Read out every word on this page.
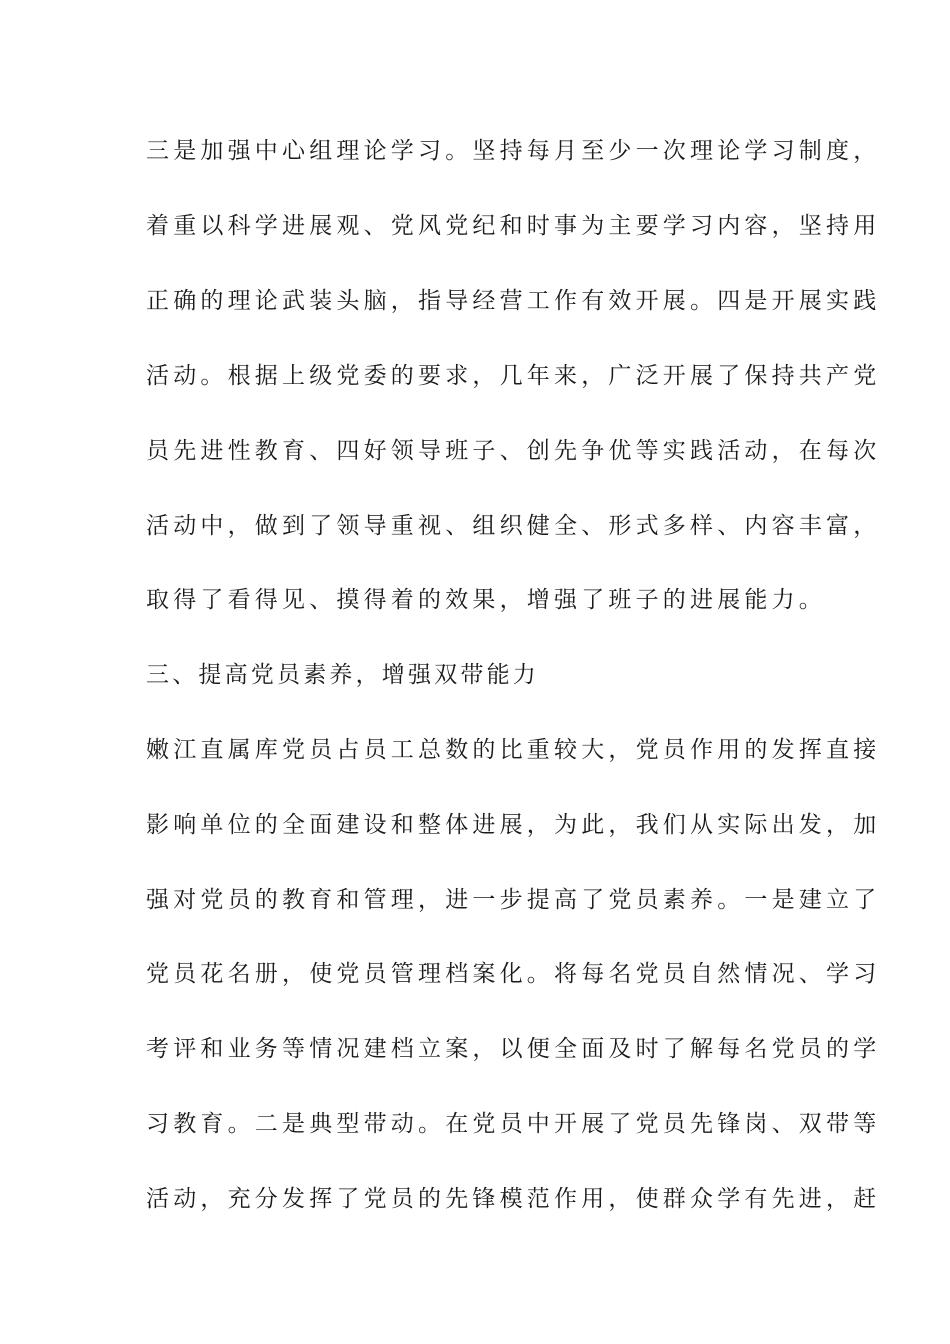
三是加强中心组理论学习。坚持每月至少一次理论学习制度，
着重以科学进展观、党风党纪和时事为主要学习内容，坚持用
正确的理论武装头脑，指导经营工作有效开展。四是开展实践
活动。根据上级党委的要求，几年来，广泛开展了保持共产党
员先进性教育、四好领导班子、创先争优等实践活动，在每次
活动中，做到了领导重视、组织健全、形式多样、内容丰富，
取得了看得见、摸得着的效果，增强了班子的进展能力。
三、提高党员素养，增强双带能力
嫩江直属库党员占员工总数的比重较大，党员作用的发挥直接
影响单位的全面建设和整体进展，为此，我们从实际出发，加
强对党员的教育和管理，进一步提高了党员素养。一是建立了
党员花名册，使党员管理档案化。将每名党员自然情况、学习
考评和业务等情况建档立案，以便全面及时了解每名党员的学
习教育。二是典型带动。在党员中开展了党员先锋岗、双带等
活动，充分发挥了党员的先锋模范作用，使群众学有先进，赶
